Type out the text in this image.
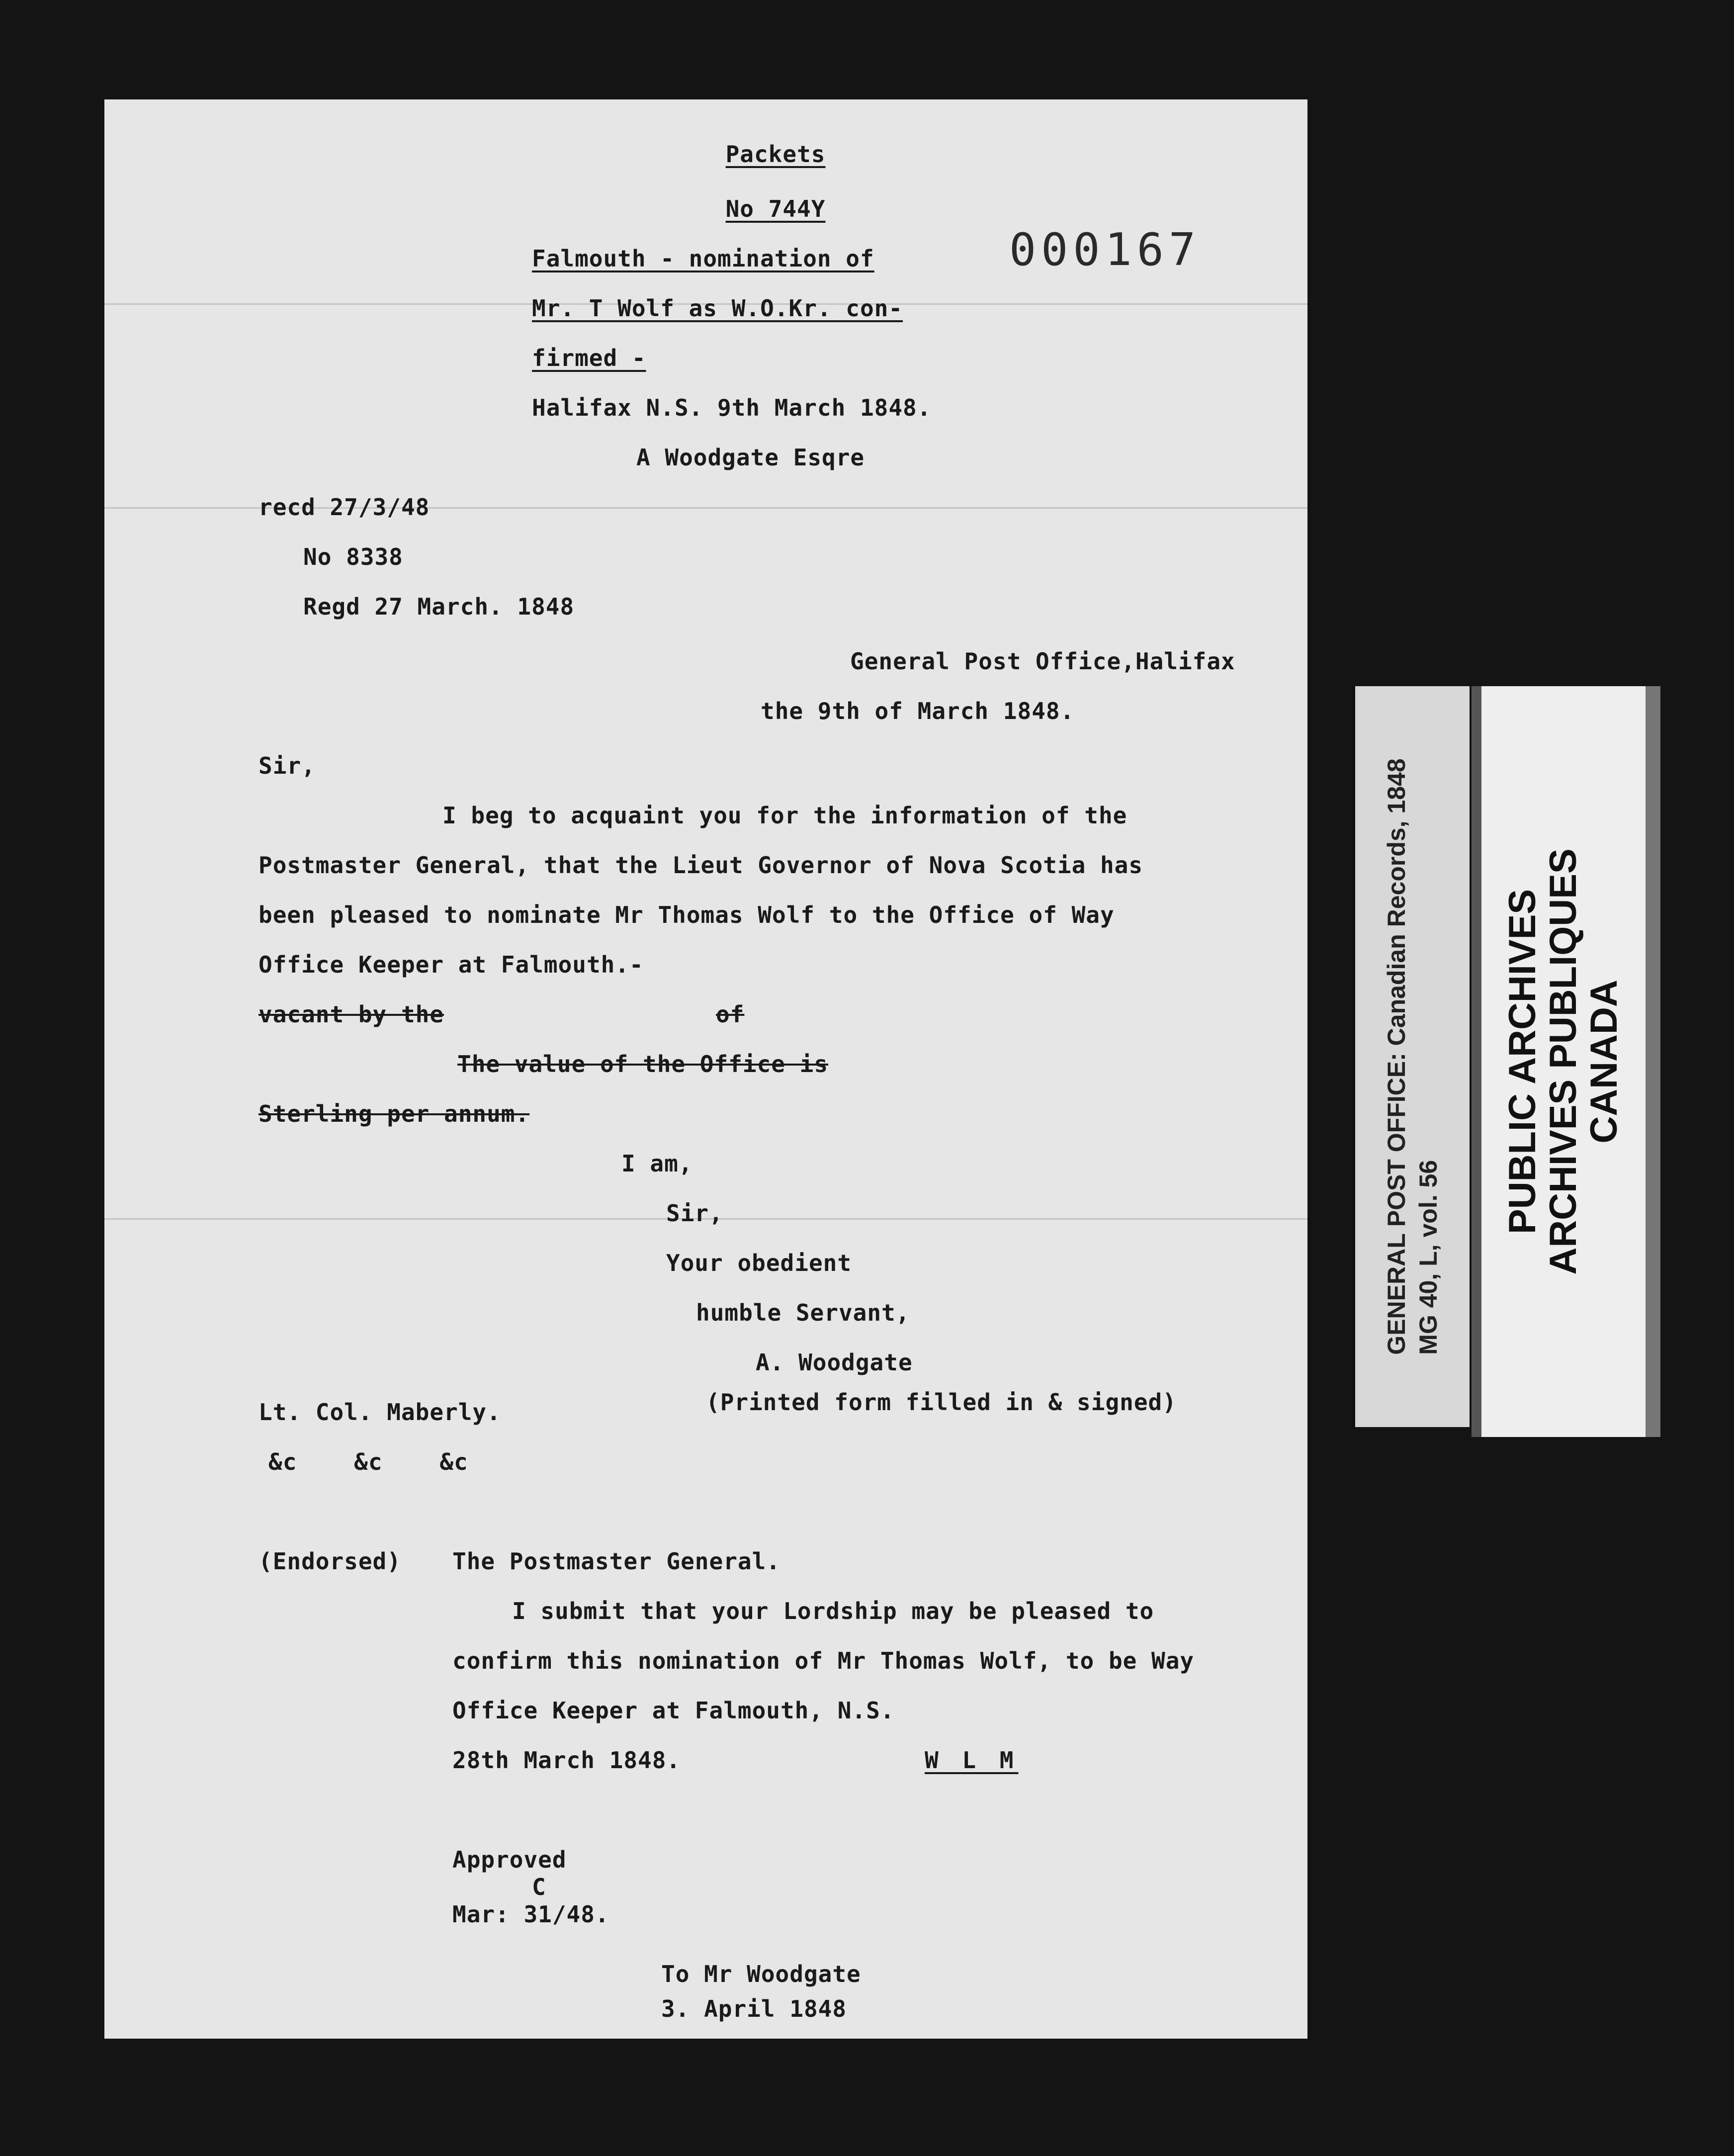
Packets
No 744Y
000167
Falmouth - nomination of
Mr. T Wolf as W.O.Kr. con-
firmed -
Halifax N.S. 9th March 1848.
A Woodgate Esqre
recd 27/3/48
No 8338
Regd 27 March. 1848
General Post Office,Halifax
the 9th of March 1848.
Sir,
I beg to acquaint you for the information of the
Postmaster General, that the Lieut Governor of Nova Scotia has
been pleased to nominate Mr Thomas Wolf to the Office of Way
Office Keeper at Falmouth.-
vacant by the	of
The value of the Office is
Sterling per annum.
I am,
Sir,
Your obedient
humble Servant,
A. Woodgate
(Printed form filled in & signed)
Lt. Col. Maberly.
&c    &c    &c
(Endorsed) The Postmaster General.
I submit that your Lordship may be pleased to
confirm this nomination of Mr Thomas Wolf, to be Way
Office Keeper at Falmouth, N.S.
28th March 1848.	W L M
Approved
C
Mar: 31/48.
To Mr Woodgate
3. April 1848
GENERAL POST OFFICE: Canadian Records, 1848 MG 40, L, vol. 56
PUBLIC ARCHIVES
ARCHIVES PUBLIQUES
CANADA
